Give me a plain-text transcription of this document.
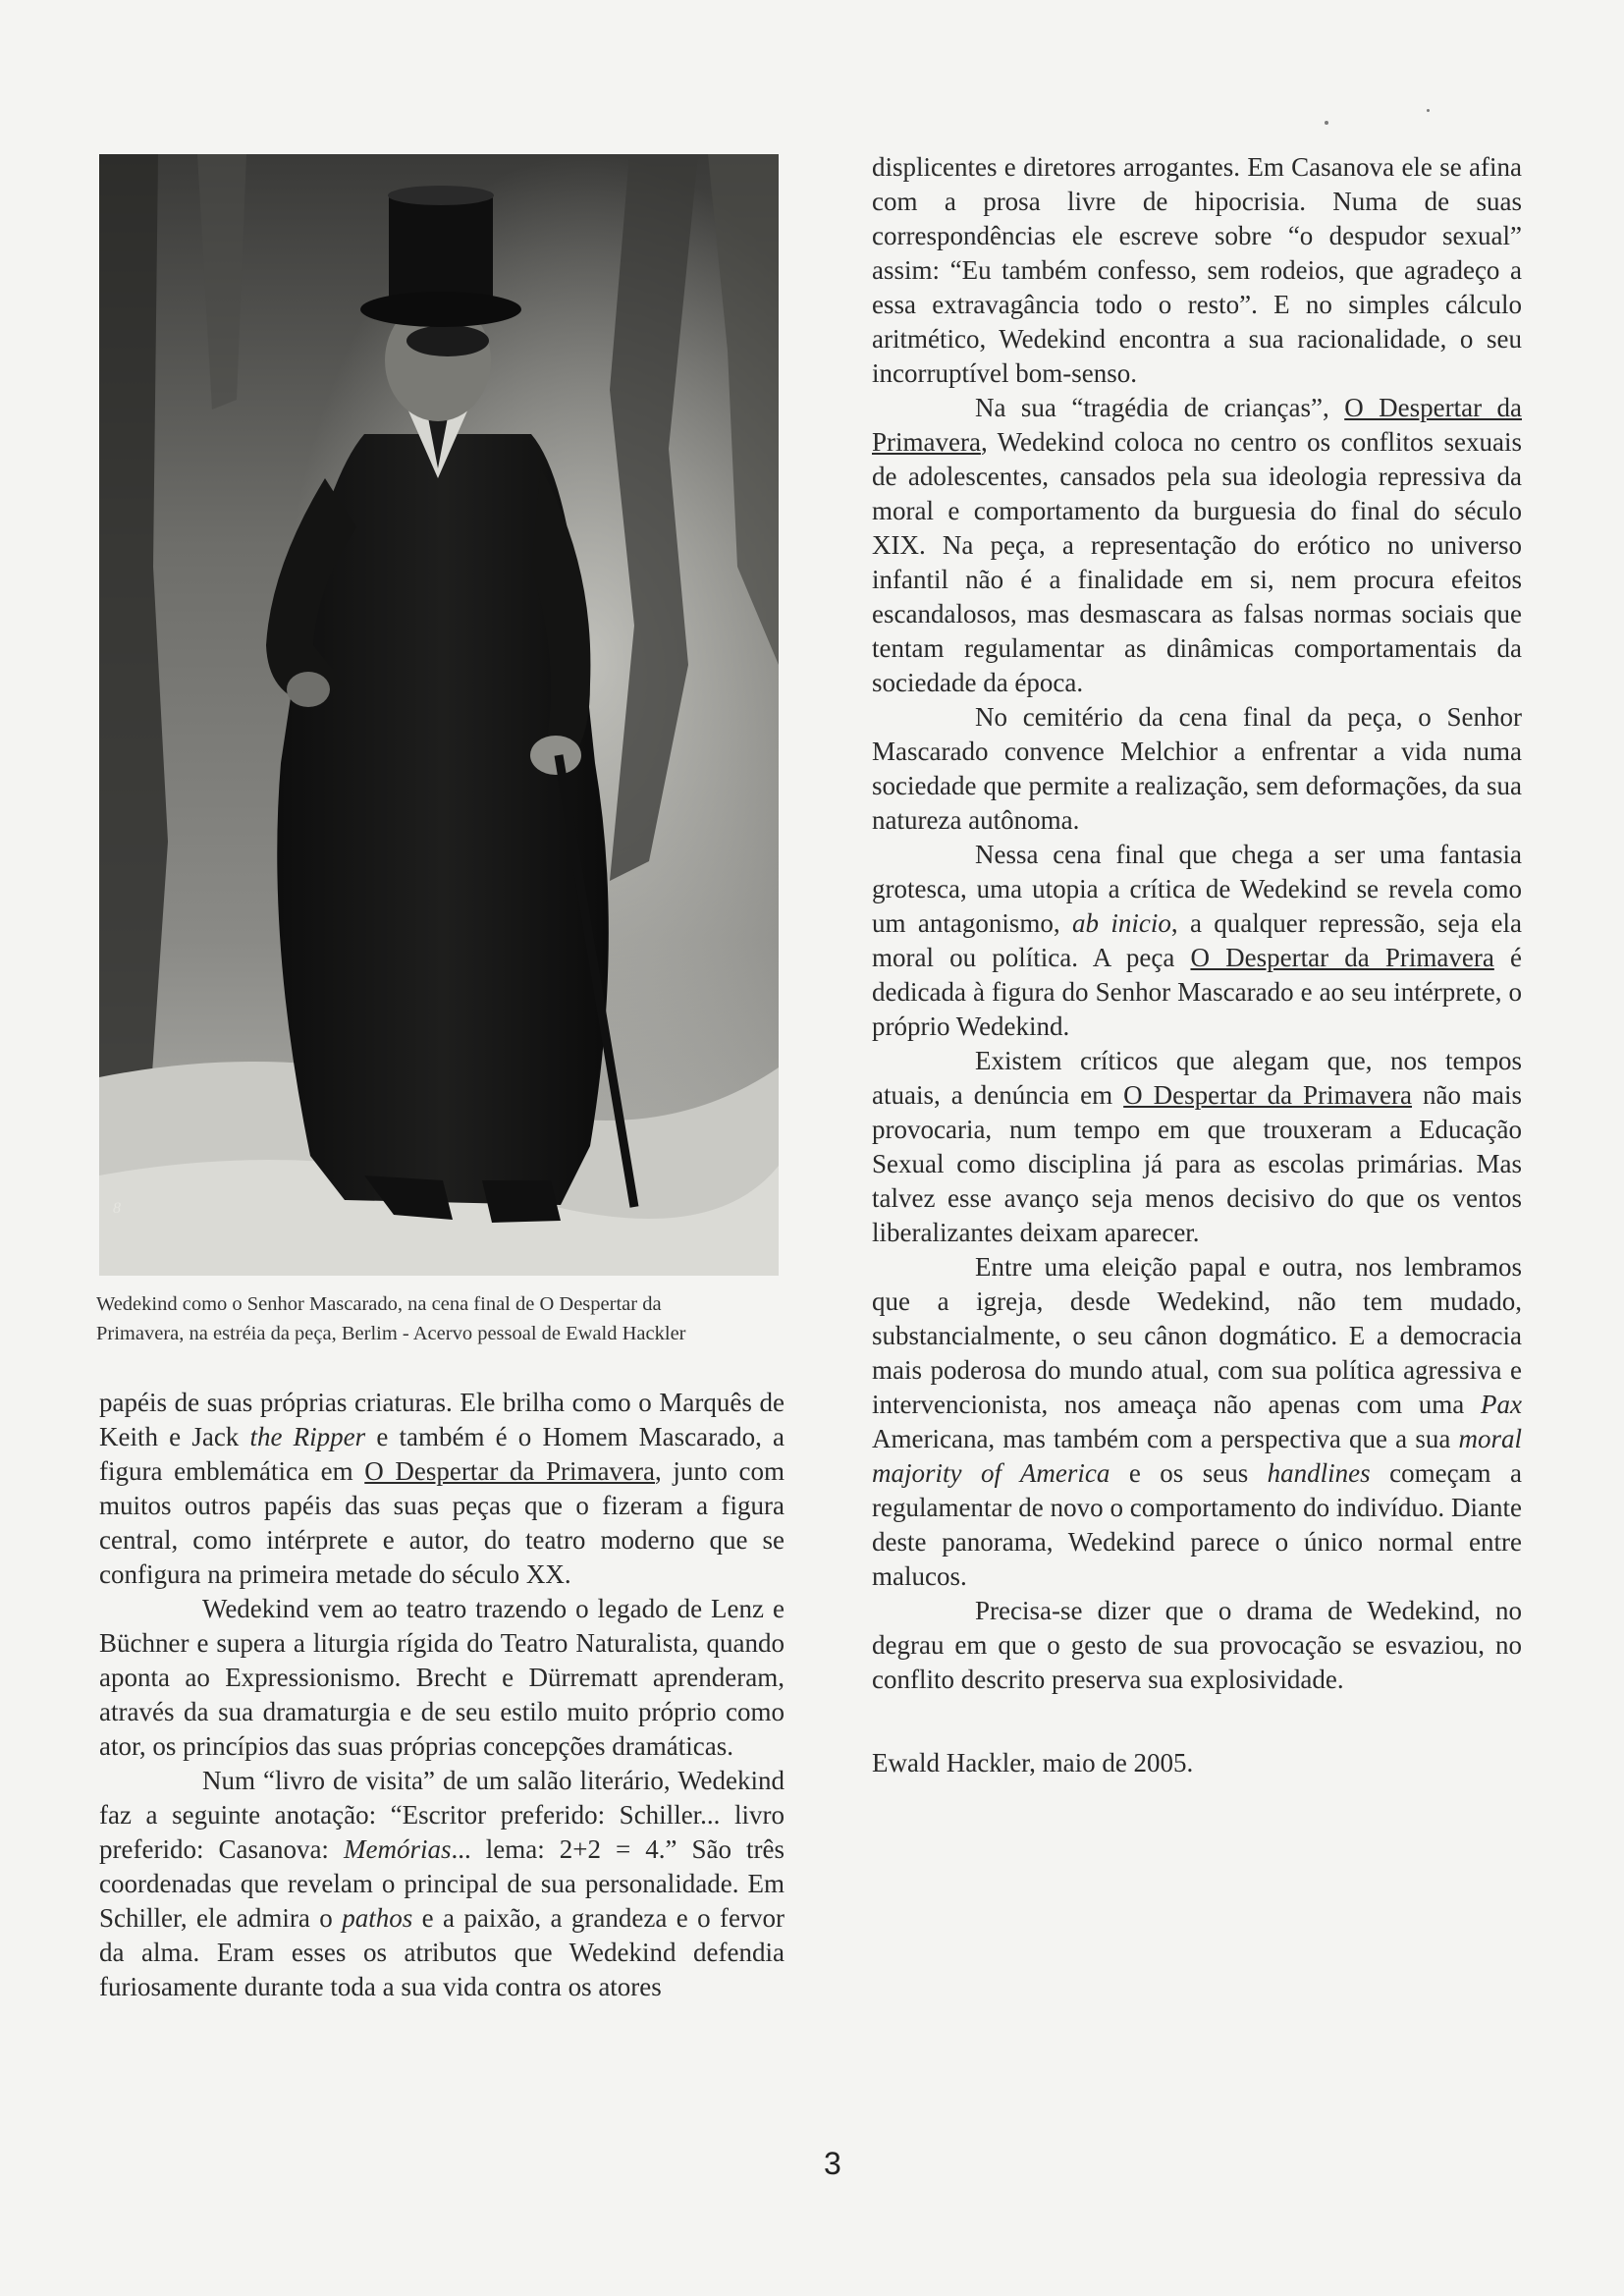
8
Wedekind como o Senhor Mascarado, na cena final de O Despertar da
Primavera, na estréia da peça, Berlim - Acervo pessoal de Ewald Hackler

papéis de suas próprias criaturas. Ele brilha como o Marquês de Keith e Jack the Ripper e também é o Homem Mascarado, a figura emblemática em O Despertar da Primavera, junto com muitos outros papéis das suas peças que o fizeram a figura central, como intérprete e autor, do teatro moderno que se configura na primeira metade do século XX.

Wedekind vem ao teatro trazendo o legado de Lenz e Büchner e supera a liturgia rígida do Teatro Naturalista, quando aponta ao Expressionismo. Brecht e Dürrematt aprenderam, através da sua dramaturgia e de seu estilo muito próprio como ator, os princípios das suas próprias concepções dramáticas.

Num “livro de visita” de um salão literário, Wedekind faz a seguinte anotação: “Escritor preferido: Schiller... livro preferido: Casanova: Memórias... lema: 2+2 = 4.” São três coordenadas que revelam o principal de sua personalidade. Em Schiller, ele admira o pathos e a paixão, a grandeza e o fervor da alma. Eram esses os atributos que Wedekind defendia furiosamente durante toda a sua vida contra os atores

displicentes e diretores arrogantes. Em Casanova ele se afina com a prosa livre de hipocrisia. Numa de suas correspondências ele escreve sobre “o despudor sexual” assim: “Eu também confesso, sem rodeios, que agradeço a essa extravagância todo o resto”. E no simples cálculo aritmético, Wedekind encontra a sua racionalidade, o seu incorruptível bom-senso.

Na sua “tragédia de crianças”, O Despertar da Primavera, Wedekind coloca no centro os conflitos sexuais de adolescentes, cansados pela sua ideologia repressiva da moral e comportamento da burguesia do final do século XIX. Na peça, a representação do erótico no universo infantil não é a finalidade em si, nem procura efeitos escandalosos, mas desmascara as falsas normas sociais que tentam regulamentar as dinâmicas comportamentais da sociedade da época.

No cemitério da cena final da peça, o Senhor Mascarado convence Melchior a enfrentar a vida numa sociedade que permite a realização, sem deformações, da sua natureza autônoma.

Nessa cena final que chega a ser uma fantasia grotesca, uma utopia a crítica de Wedekind se revela como um antagonismo, ab inicio, a qualquer repressão, seja ela moral ou política. A peça O Despertar da Primavera é dedicada à figura do Senhor Mascarado e ao seu intérprete, o próprio Wedekind.

Existem críticos que alegam que, nos tempos atuais, a denúncia em O Despertar da Primavera não mais provocaria, num tempo em que trouxeram a Educação Sexual como disciplina já para as escolas primárias. Mas talvez esse avanço seja menos decisivo do que os ventos liberalizantes deixam aparecer.

Entre uma eleição papal e outra, nos lembramos que a igreja, desde Wedekind, não tem mudado, substancialmente, o seu cânon dogmático. E a democracia mais poderosa do mundo atual, com sua política agressiva e intervencionista, nos ameaça não apenas com uma Pax Americana, mas também com a perspectiva que a sua moral majority of America e os seus handlines começam a regulamentar de novo o comportamento do indivíduo. Diante deste panorama, Wedekind parece o único normal entre malucos.

Precisa-se dizer que o drama de Wedekind, no degrau em que o gesto de sua provocação se esvaziou, no conflito descrito preserva sua explosividade.

Ewald Hackler, maio de 2005.
3
